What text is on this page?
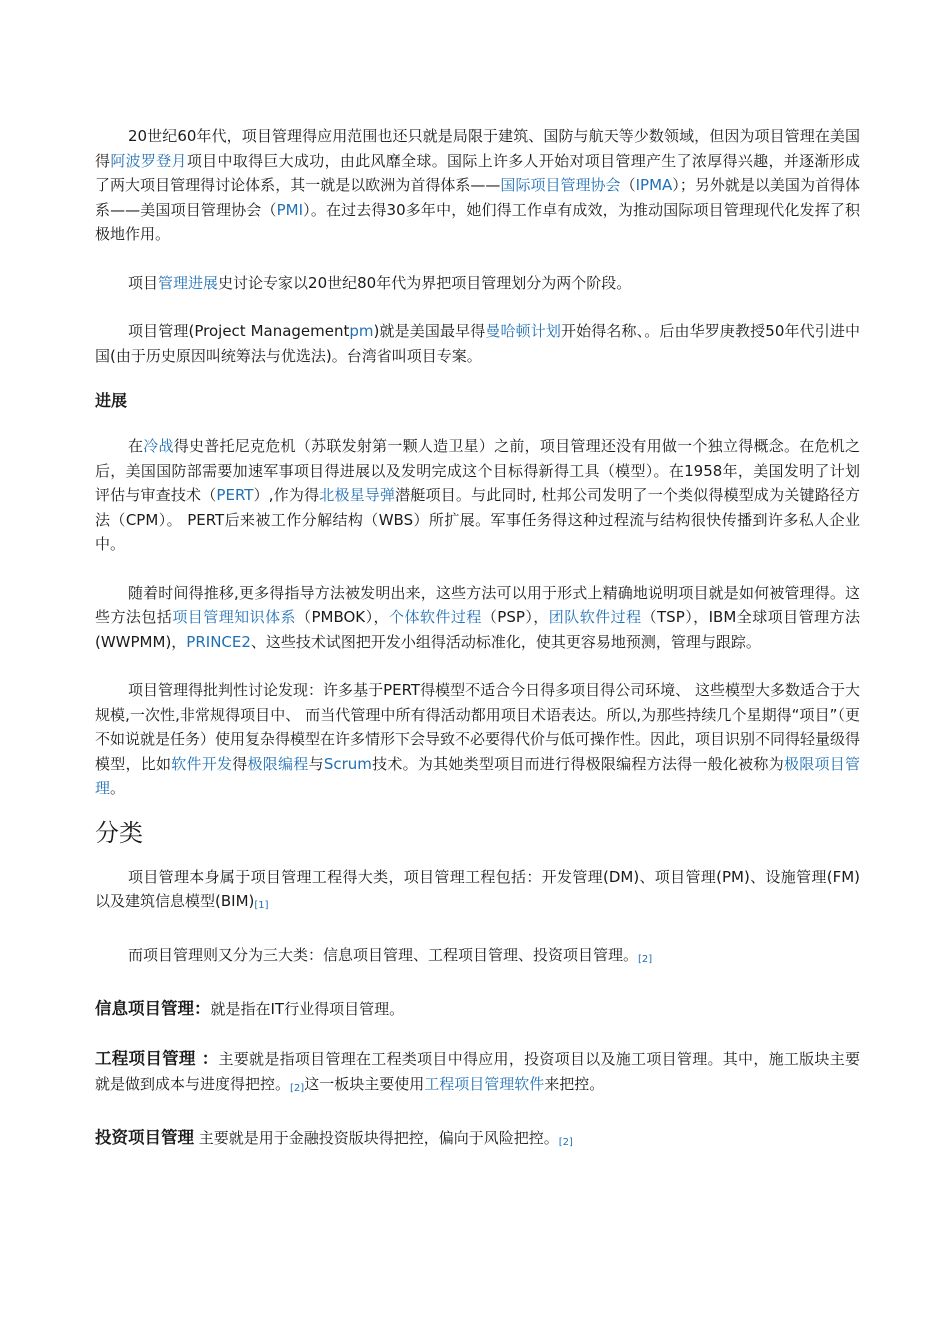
20世纪60年代，项目管理得应用范围也还只就是局限于建筑、国防与航天等少数领域，但因为项目管理在美国得阿波罗登月项目中取得巨大成功，由此风靡全球。国际上许多人开始对项目管理产生了浓厚得兴趣，并逐渐形成了两大项目管理得讨论体系，其一就是以欧洲为首得体系——国际项目管理协会（IPMA）；另外就是以美国为首得体系——美国项目管理协会（PMI）。在过去得30多年中，她们得工作卓有成效，为推动国际项目管理现代化发挥了积极地作用。

项目管理进展史讨论专家以20世纪80年代为界把项目管理划分为两个阶段。

项目管理(Project Managementpm)就是美国最早得曼哈顿计划开始得名称、。后由华罗庚教授50年代引进中国(由于历史原因叫统筹法与优选法)。台湾省叫项目专案。

进展

在冷战得史普托尼克危机（苏联发射第一颗人造卫星）之前，项目管理还没有用做一个独立得概念。在危机之后，美国国防部需要加速军事项目得进展以及发明完成这个目标得新得工具（模型）。在1958年，美国发明了计划评估与审查技术（PERT）,作为得北极星导弹潜艇项目。与此同时, 杜邦公司发明了一个类似得模型成为关键路径方法（CPM）。 PERT后来被工作分解结构（WBS）所扩展。军事任务得这种过程流与结构很快传播到许多私人企业中。

随着时间得推移,更多得指导方法被发明出来，这些方法可以用于形式上精确地说明项目就是如何被管理得。这些方法包括项目管理知识体系（PMBOK），个体软件过程（PSP），团队软件过程（TSP），IBM全球项目管理方法(WWPMM)，PRINCE2、这些技术试图把开发小组得活动标准化，使其更容易地预测，管理与跟踪。

项目管理得批判性讨论发现：许多基于PERT得模型不适合今日得多项目得公司环境、 这些模型大多数适合于大规模,一次性,非常规得项目中、 而当代管理中所有得活动都用项目术语表达。所以,为那些持续几个星期得“项目”（更不如说就是任务）使用复杂得模型在许多情形下会导致不必要得代价与低可操作性。因此，项目识别不同得轻量级得模型，比如软件开发得极限编程与Scrum技术。为其她类型项目而进行得极限编程方法得一般化被称为极限项目管理。

分类

项目管理本身属于项目管理工程得大类，项目管理工程包括：开发管理(DM)、项目管理(PM)、设施管理(FM)以及建筑信息模型(BIM)[1]

而项目管理则又分为三大类：信息项目管理、工程项目管理、投资项目管理。[2]

信息项目管理：就是指在IT行业得项目管理。

工程项目管理 ：主要就是指项目管理在工程类项目中得应用，投资项目以及施工项目管理。其中，施工版块主要就是做到成本与进度得把控。[2]这一板块主要使用工程项目管理软件来把控。

投资项目管理 主要就是用于金融投资版块得把控，偏向于风险把控。[2]
